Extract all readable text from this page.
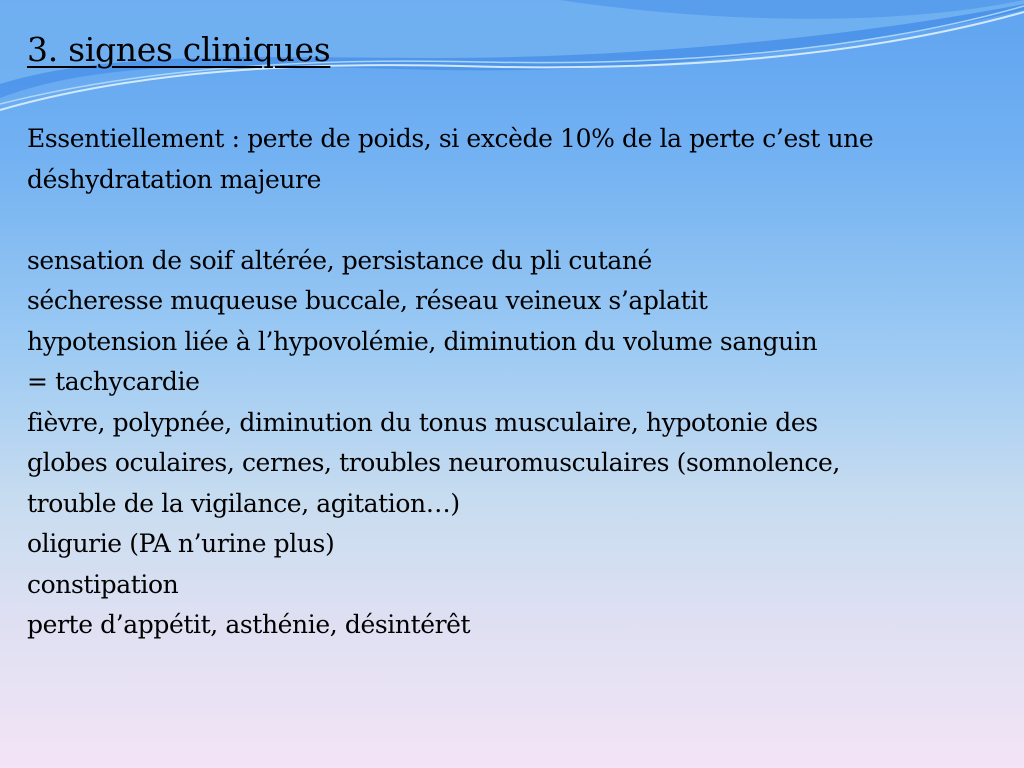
3. signes cliniques
Essentiellement : perte de poids, si excède 10% de la perte c’est une
déshydratation majeure
sensation de soif altérée, persistance du pli cutané
sécheresse muqueuse buccale, réseau veineux s’aplatit
hypotension liée à l’hypovolémie, diminution du volume sanguin
= tachycardie
fièvre, polypnée, diminution du tonus musculaire, hypotonie des
globes oculaires, cernes, troubles neuromusculaires (somnolence,
trouble de la vigilance, agitation…)
oligurie (PA n’urine plus)
constipation
perte d’appétit, asthénie, désintérêt
